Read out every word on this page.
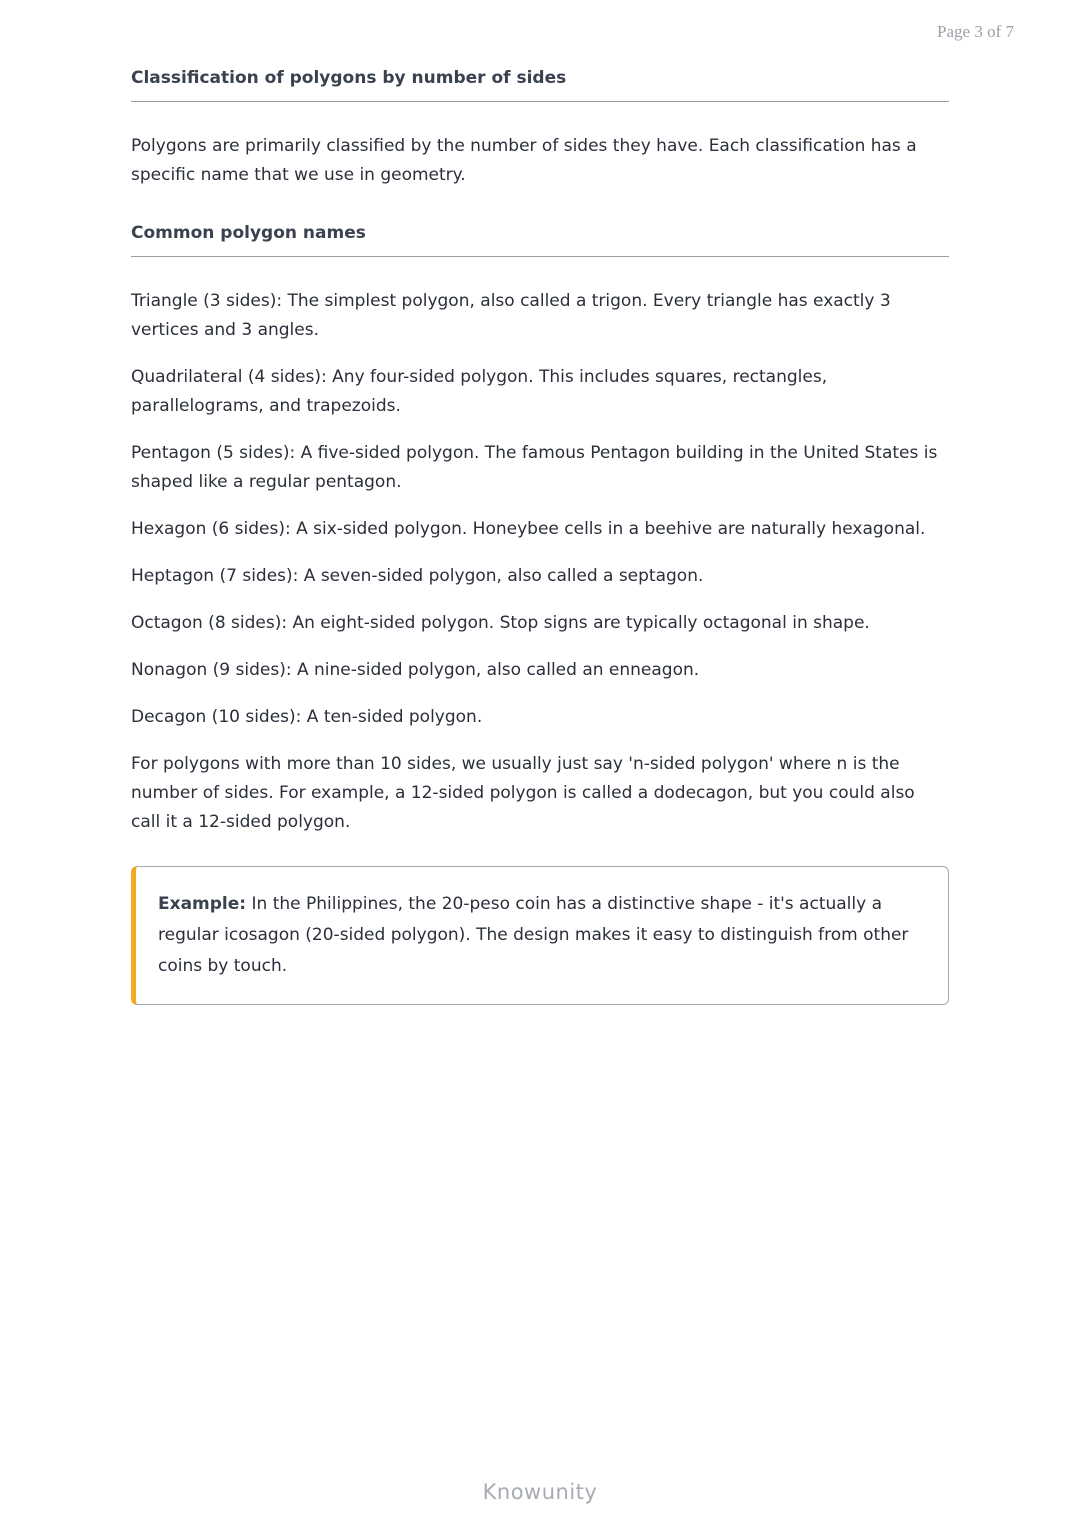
Page 3 of 7
Classification of polygons by number of sides

Polygons are primarily classified by the number of sides they have. Each classification has a specific name that we use in geometry.

Common polygon names

Triangle (3 sides): The simplest polygon, also called a trigon. Every triangle has exactly 3 vertices and 3 angles.

Quadrilateral (4 sides): Any four-sided polygon. This includes squares, rectangles, parallelograms, and trapezoids.

Pentagon (5 sides): A five-sided polygon. The famous Pentagon building in the United States is shaped like a regular pentagon.

Hexagon (6 sides): A six-sided polygon. Honeybee cells in a beehive are naturally hexagonal.

Heptagon (7 sides): A seven-sided polygon, also called a septagon.

Octagon (8 sides): An eight-sided polygon. Stop signs are typically octagonal in shape.

Nonagon (9 sides): A nine-sided polygon, also called an enneagon.

Decagon (10 sides): A ten-sided polygon.

For polygons with more than 10 sides, we usually just say 'n-sided polygon' where n is the number of sides. For example, a 12-sided polygon is called a dodecagon, but you could also call it a 12-sided polygon.

Example: In the Philippines, the 20-peso coin has a distinctive shape - it's actually a regular icosagon (20-sided polygon). The design makes it easy to distinguish from other coins by touch.
Knowunity
